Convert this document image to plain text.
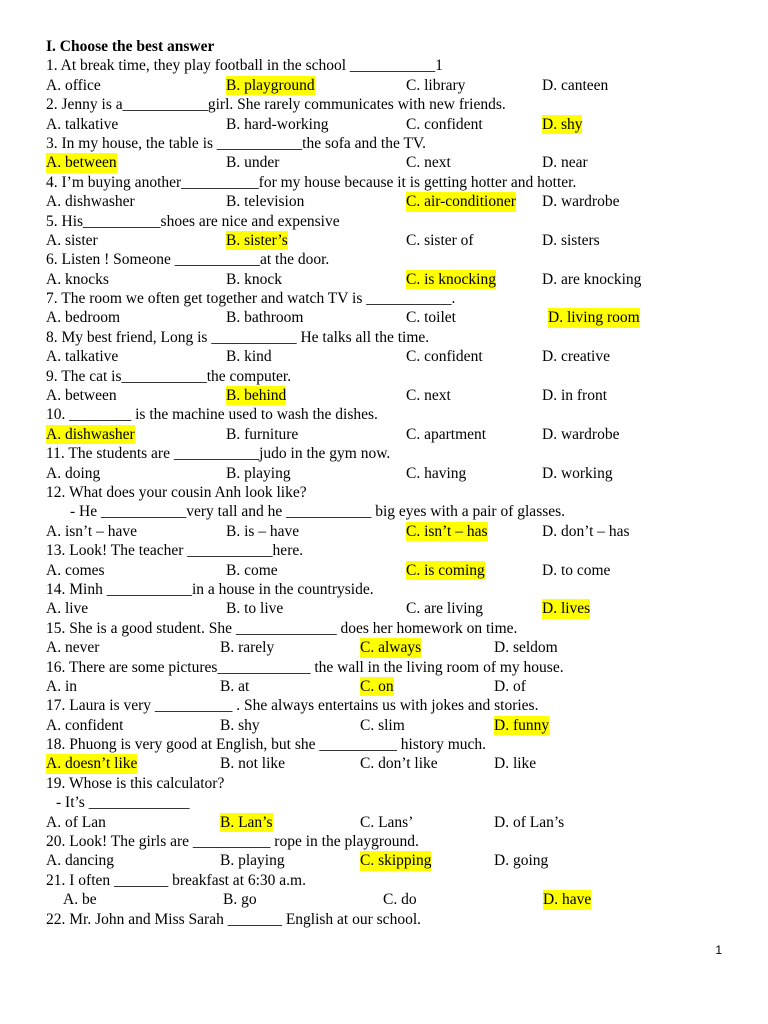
I. Choose the best answer
1. At break time, they play football in the school ___________1
A. office	B. playground	C. library	D. canteen
2. Jenny is a___________girl. She rarely communicates with new friends.
A. talkative	B. hard-working	C. confident	D. shy
3. In my house, the table is ___________the sofa and the TV.
A. between	B. under	C. next	D. near
4. I’m buying another__________for my house because it is getting hotter and hotter.
A. dishwasher	B. television	C. air-conditioner D. wardrobe
5. His__________shoes are nice and expensive
A. sister	B. sister’s	C. sister of	D. sisters
6. Listen ! Someone ___________at the door.
A. knocks	B. knock	C. is knocking	D. are knocking
7. The room we often get together and watch TV is ___________.
A. bedroom	B. bathroom	C. toilet	D. living room
8. My best friend, Long is ___________ He talks all the time.
A. talkative	B. kind	C. confident	D. creative
9. The cat is___________the computer.
A. between	B. behind	C. next	D. in front
10. ________ is the machine used to wash the dishes.
A. dishwasher	B. furniture	C. apartment	D. wardrobe
11. The students are ___________judo in the gym now.
A. doing	B. playing	C. having	D. working
12. What does your cousin Anh look like?
- He ___________very tall and he ___________ big eyes with a pair of glasses.
A. isn’t – have	B. is – have	C. isn’t – has	D. don’t – has
13. Look! The teacher ___________here.
A. comes	B. come	C. is coming	D. to come
14. Minh ___________in a house in the countryside.
A. live	B. to live	C. are living	D. lives
15. She is a good student. She _____________ does her homework on time.
A. never	B. rarely	C. always	D. seldom
16. There are some pictures____________ the wall in the living room of my house.
A. in	B. at	C. on	D. of
17. Laura is very __________ . She always entertains us with jokes and stories.
A. confident	B. shy	C. slim	D. funny
18. Phuong is very good at English, but she __________ history much.
A. doesn’t like	B. not like	C. don’t like	D. like
19. Whose is this calculator?
- It’s _____________
A. of Lan	B. Lan’s	C. Lans’	D. of Lan’s
20. Look! The girls are __________ rope in the playground.
A. dancing	B. playing	C. skipping	D. going
21. I often _______ breakfast at 6:30 a.m.
A. be	B. go	C. do	D. have
22. Mr. John and Miss Sarah _______ English at our school.
1
